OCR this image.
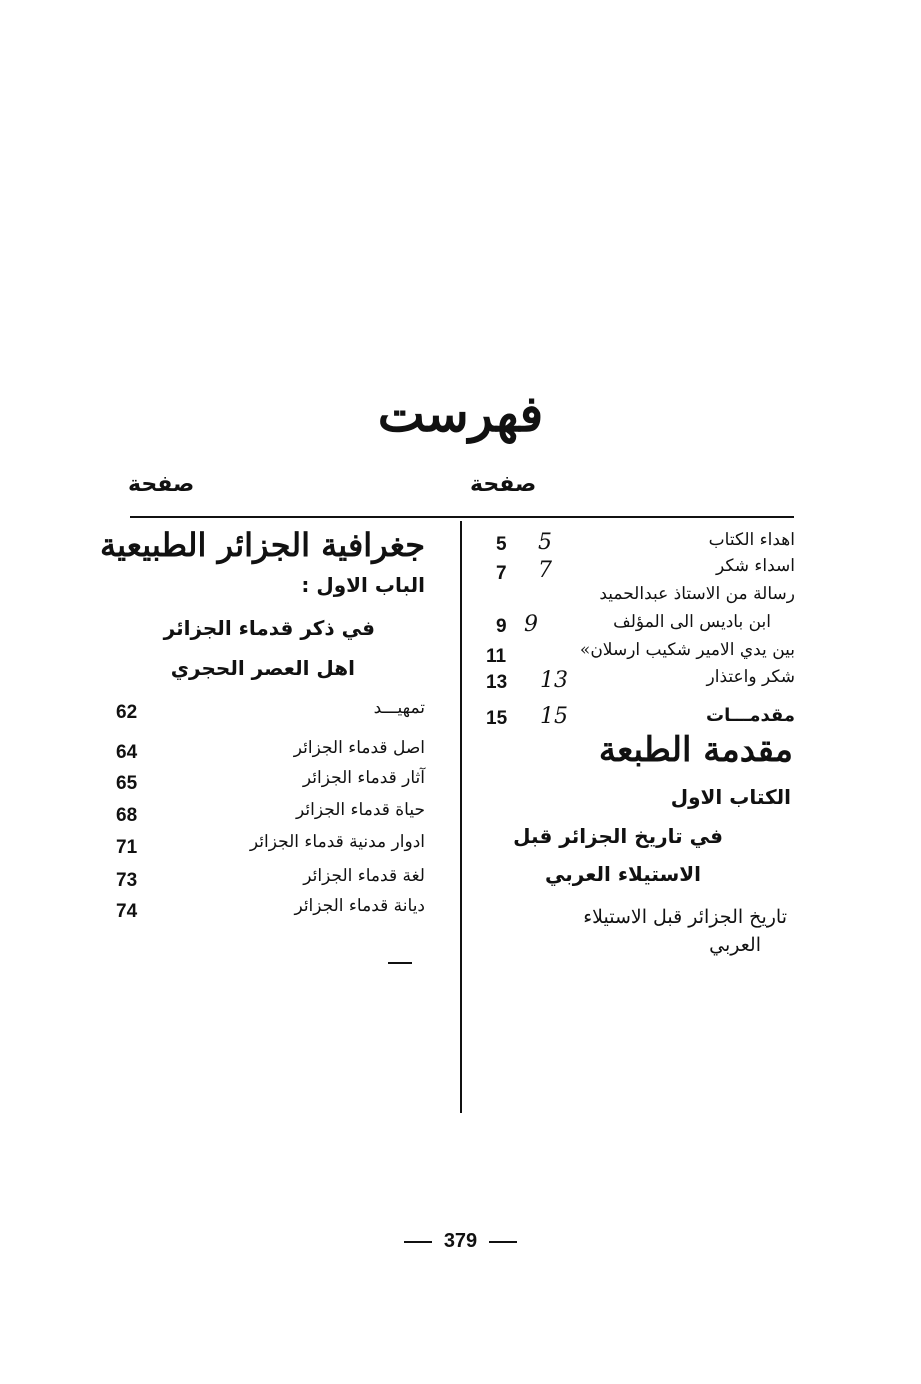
فهرست
صفحة
صفحة
اهداء الكتاب
5 5
اسداء شكر
7 7
رسالة من الاستاذ عبدالحميد
ابن باديس الى المؤلف
9 9
بين يدي الامير شكيب ارسلان»
11
شكر واعتذار
13 13
مقدمـــات
15 15
مقدمة الطبعة
الكتاب الاول
في تاريخ الجزائر قبل
الاستيلاء العربي
تاريخ الجزائر قبل الاستيلاء
العربي
جغرافية الجزائر الطبيعية
الباب الاول :
في ذكر قدماء الجزائر
اهل العصر الحجري
تمهيـــد
62
اصل قدماء الجزائر
64
آثار قدماء الجزائر
65
حياة قدماء الجزائر
68
ادوار مدنية قدماء الجزائر
71
لغة قدماء الجزائر
73
ديانة قدماء الجزائر
74
379
